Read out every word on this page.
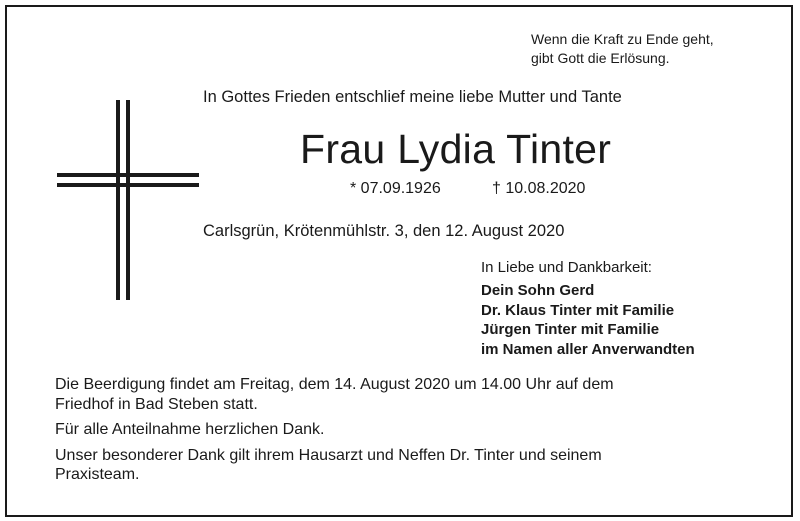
Wenn die Kraft zu Ende geht,
gibt Gott die Erlösung.
In Gottes Frieden entschlief meine liebe Mutter und Tante
Frau Lydia Tinter
* 07.09.1926	† 10.08.2020
Carlsgrün, Krötenmühlstr. 3, den 12. August 2020
In Liebe und Dankbarkeit:
Dein Sohn Gerd
Dr. Klaus Tinter mit Familie
Jürgen Tinter mit Familie
im Namen aller Anverwandten

Die Beerdigung findet am Freitag, dem 14. August 2020 um 14.00 Uhr auf dem
Friedhof in Bad Steben statt.

Für alle Anteilnahme herzlichen Dank.

Unser besonderer Dank gilt ihrem Hausarzt und Neffen Dr. Tinter und seinem
Praxisteam.
